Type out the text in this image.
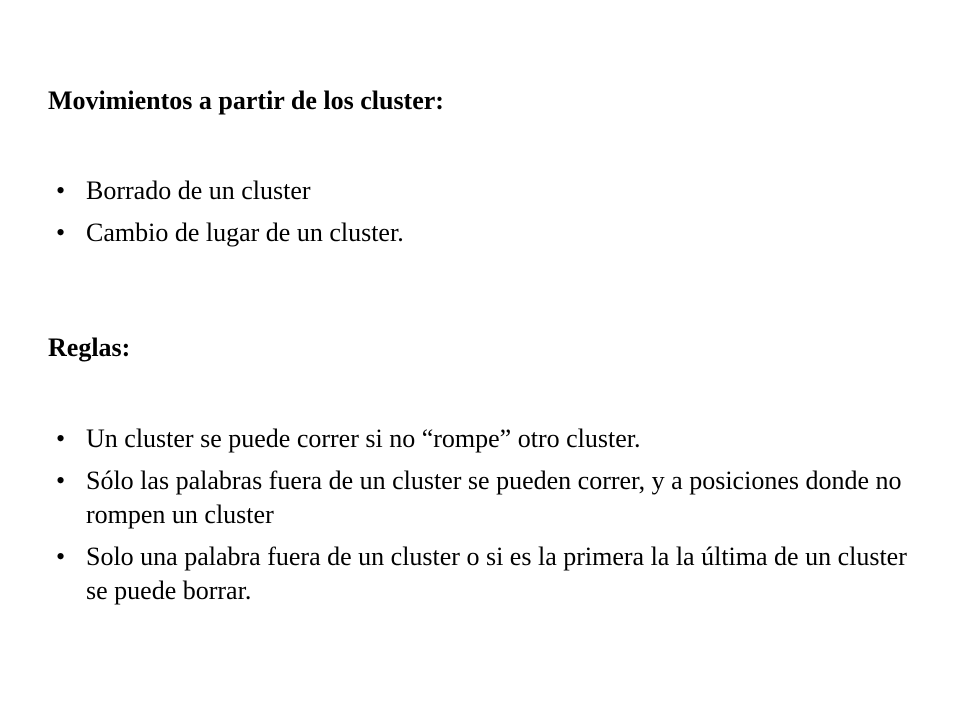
Movimientos a partir de los cluster:
• Borrado de un cluster
• Cambio de lugar de un cluster.
Reglas:
• Un cluster se puede correr si no “rompe” otro cluster.
• Sólo las palabras fuera de un cluster se pueden correr, y a posiciones donde no rompen un cluster
• Solo una palabra fuera de un cluster o si es la primera la la última de un cluster se puede borrar.
